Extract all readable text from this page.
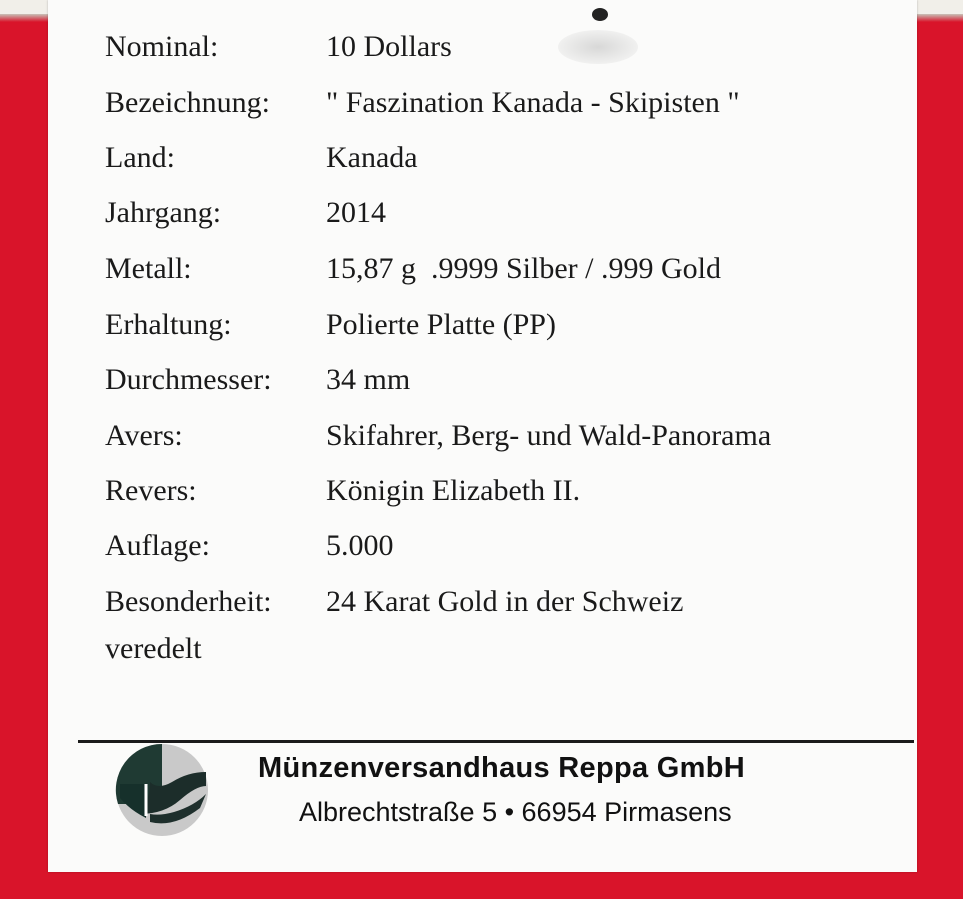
Nominal:	10 Dollars
Bezeichnung: " Faszination Kanada - Skipisten "
Land:	Kanada
Jahrgang:	2014
Metall:	15,87 g  .9999 Silber / .999 Gold
Erhaltung:	Polierte Platte (PP)
Durchmesser: 34 mm
Avers:	Skifahrer, Berg- und Wald-Panorama
Revers:	Königin Elizabeth II.
Auflage:	5.000
Besonderheit: 24 Karat Gold in der Schweiz
veredelt
Münzenversandhaus Reppa GmbH
Albrechtstraße 5 • 66954 Pirmasens
